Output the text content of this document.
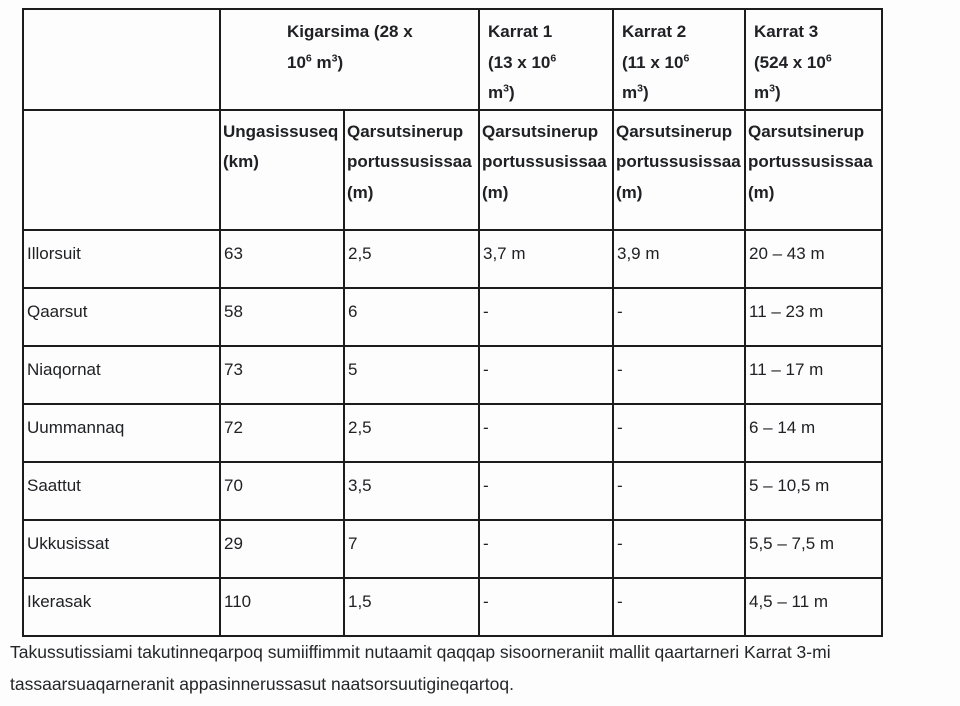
	Kigarsima (28 x $10^6$ $m^3$)		Karrat 1 (13 x $10^6$ $m^3$)	Karrat 2 (11 x $10^6$ $m^3$)	Karrat 3 (524 x $10^6$ $m^3$)
	Ungasissuseq (km)	Qarsutsinerup portussusissaa (m)	Qarsutsinerup portussusissaa (m)	Qarsutsinerup portussusissaa (m)	Qarsutsinerup portussusissaa (m)
Illorsuit	63	2,5	3,7 m	3,9 m	20 – 43 m
Qaarsut	58	6	-	-	11 – 23 m
Niaqornat	73	5	-	-	11 – 17 m
Uummannaq	72	2,5	-	-	6 – 14 m
Saattut	70	3,5	-	-	5 – 10,5 m
Ukkusissat	29	7	-	-	5,5 – 7,5 m
Ikerasak	110	1,5	-	-	4,5 – 11 m

Takussutissiami takutinneqarpoq sumiiffimmit nutaamit qaqqap sisoorneraniit mallit qaartarneri Karrat 3-mi tassaarsuaqarneranit appasinnerussasut naatsorsuutigineqartoq.
